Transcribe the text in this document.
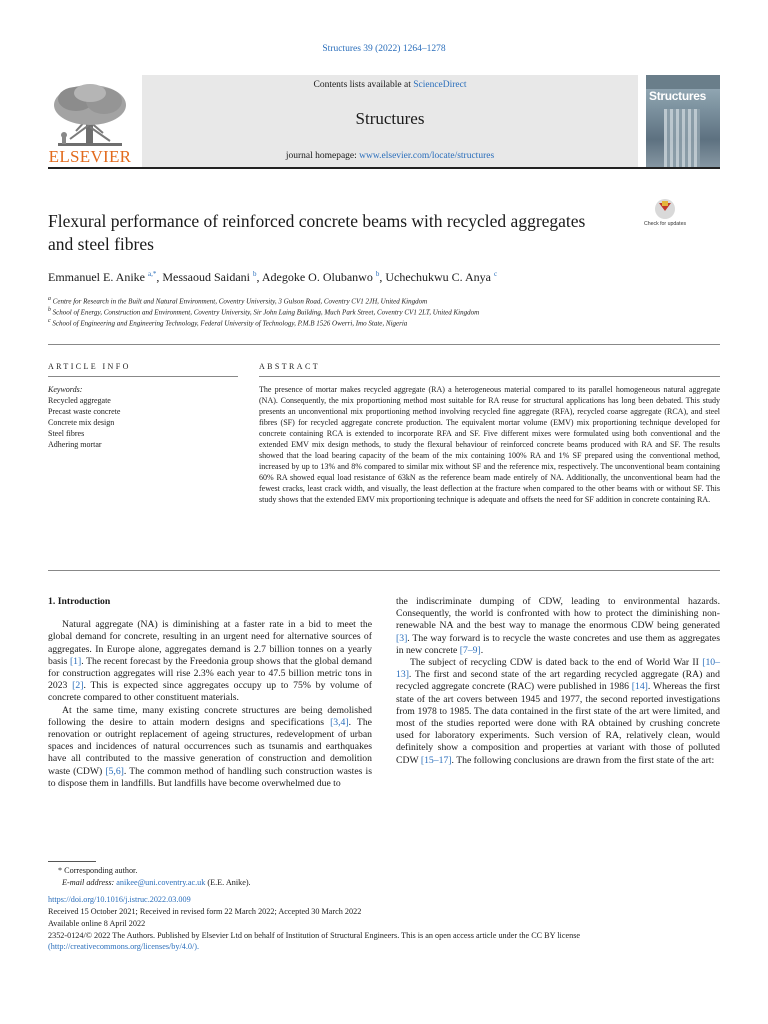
Structures 39 (2022) 1264–1278
ELSEVIER
Contents lists available at ScienceDirect
Structures
journal homepage: www.elsevier.com/locate/structures
Structures
Flexural performance of reinforced concrete beams with recycled aggregates and steel fibres
Check for updates
Emmanuel E. Anike $^{a,*}$, Messaoud Saidani $^b$, Adegoke O. Olubanwo $^b$, Uchechukwu C. Anya $^c$
$^a$ Centre for Research in the Built and Natural Environment, Coventry University, 3 Gulson Road, Coventry CV1 2JH, United Kingdom
$^b$ School of Energy, Construction and Environment, Coventry University, Sir John Laing Building, Much Park Street, Coventry CV1 2LT, United Kingdom
$^c$ School of Engineering and Engineering Technology, Federal University of Technology, P.M.B 1526 Owerri, Imo State, Nigeria
ARTICLE INFO	ABSTRACT
Keywords:
Recycled aggregate
Precast waste concrete
Concrete mix design
Steel fibres
Adhering mortar
The presence of mortar makes recycled aggregate (RA) a heterogeneous material compared to its parallel homogeneous natural aggregate (NA). Consequently, the mix proportioning method most suitable for RA reuse for structural applications has long been debated. This study presents an unconventional mix proportioning method involving recycled fine aggregate (RFA), recycled coarse aggregate (RCA), and steel fibres (SF) for recycled aggregate concrete production. The equivalent mortar volume (EMV) mix proportioning technique developed for concrete containing RCA is extended to incorporate RFA and SF. Five different mixes were formulated using both conventional and the extended EMV mix design methods, to study the flexural behaviour of reinforced concrete beams produced with RA and SF. The results showed that the load bearing capacity of the beam of the mix containing 100% RA and 1% SF prepared using the conventional method, increased by up to 13% and 8% compared to similar mix without SF and the reference mix, respectively. The unconventional beam containing 60% RA showed equal load resistance of 63kN as the reference beam made entirely of NA. Additionally, the unconventional beam had the fewest cracks, least crack width, and visually, the least deflection at the fracture when compared to the other beams with or without SF. This study shows that the extended EMV mix proportioning technique is adequate and offsets the need for SF addition in concrete containing RA.

1. Introduction

Natural aggregate (NA) is diminishing at a faster rate in a bid to meet the global demand for concrete, resulting in an urgent need for alternative sources of aggregates. In Europe alone, aggregates demand is 2.7 billion tonnes on a yearly basis [1]. The recent forecast by the Freedonia group shows that the global demand for construction aggregates will rise 2.3% each year to 47.5 billion metric tons in 2023 [2]. This is expected since aggregates occupy up to 75% by volume of concrete compared to other constituent materials.

At the same time, many existing concrete structures are being demolished following the desire to attain modern designs and specifications [3,4]. The renovation or outright replacement of ageing structures, redevelopment of urban spaces and incidences of natural occurrences such as tsunamis and earthquakes have all contributed to the massive generation of construction and demolition waste (CDW) [5,6]. The common method of handling such construction wastes is to dispose them in landfills. But landfills have become overwhelmed due to

the indiscriminate dumping of CDW, leading to environmental hazards. Consequently, the world is confronted with how to protect the diminishing non-renewable NA and the best way to manage the enormous CDW being generated [3]. The way forward is to recycle the waste concretes and use them as aggregates in new concrete [7–9].

The subject of recycling CDW is dated back to the end of World War II [10–13]. The first and second state of the art regarding recycled aggregate (RA) and recycled aggregate concrete (RAC) were published in 1986 [14]. Whereas the first state of the art covers between 1945 and 1977, the second reported investigations from 1978 to 1985. The data contained in the first state of the art were limited, and most of the studies reported were done with RA obtained by crushing concrete used for laboratory experiments. Such version of RA, relatively clean, would definitely show a composition and properties at variant with those of polluted CDW [15–17]. The following conclusions are drawn from the first state of the art:

* Corresponding author.

E-mail address: anikee@uni.coventry.ac.uk (E.E. Anike).

https://doi.org/10.1016/j.istruc.2022.03.009

Received 15 October 2021; Received in revised form 22 March 2022; Accepted 30 March 2022

Available online 8 April 2022

2352-0124/© 2022 The Authors. Published by Elsevier Ltd on behalf of Institution of Structural Engineers. This is an open access article under the CC BY license

(http://creativecommons.org/licenses/by/4.0/).
